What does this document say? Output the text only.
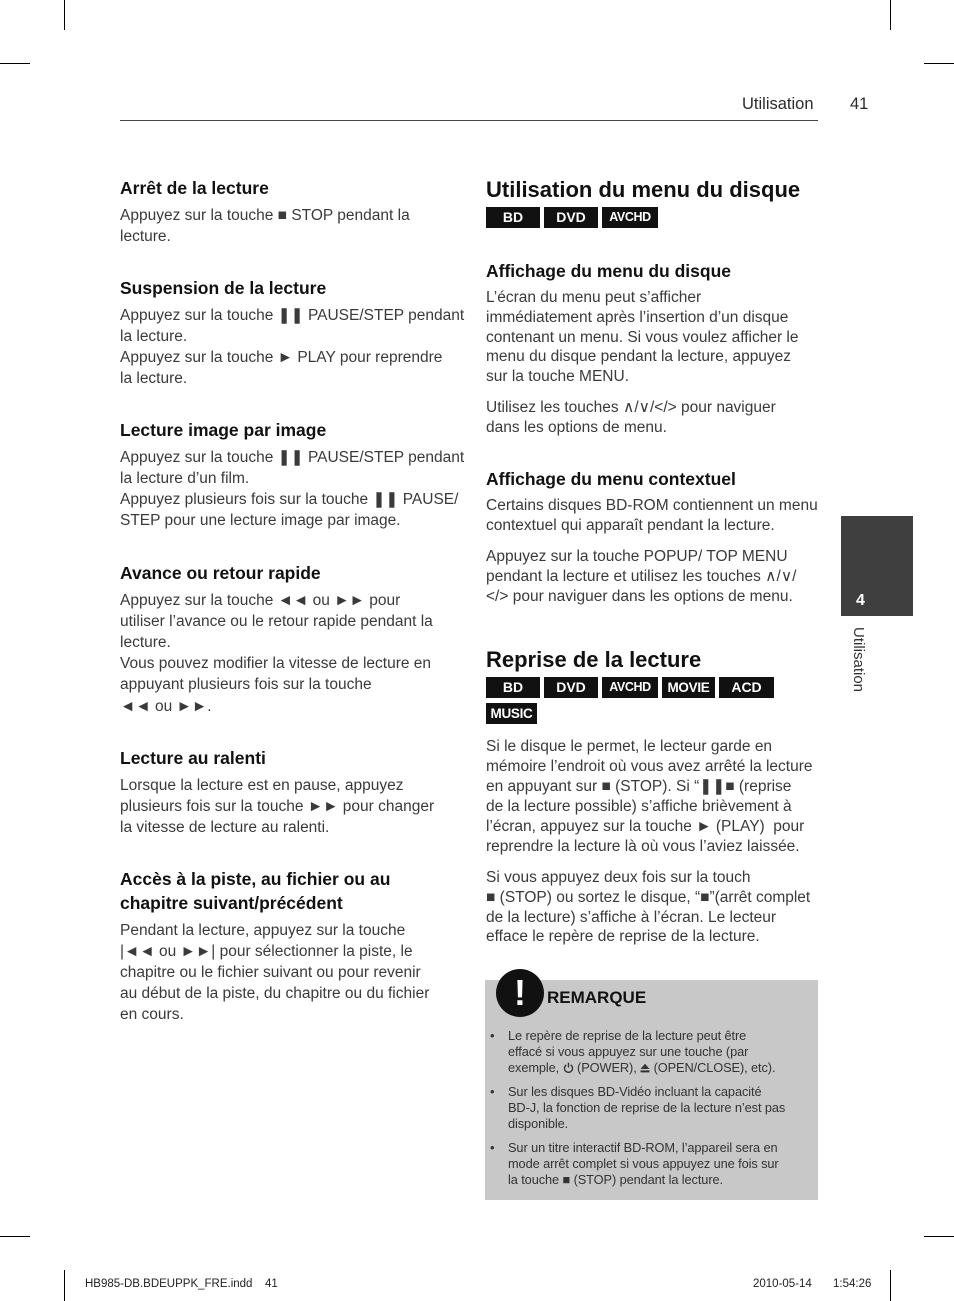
Utilisation 41
Arrêt de la lecture
Appuyez sur la touche ■ STOP pendant la
lecture.
Suspension de la lecture
Appuyez sur la touche ❚❚ PAUSE/STEP pendant
la lecture.
Appuyez sur la touche ► PLAY pour reprendre
la lecture.
Lecture image par image
Appuyez sur la touche ❚❚ PAUSE/STEP pendant
la lecture d’un film.
Appuyez plusieurs fois sur la touche ❚❚ PAUSE/
STEP pour une lecture image par image.
Avance ou retour rapide
Appuyez sur la touche ◄◄ ou ►► pour
utiliser l’avance ou le retour rapide pendant la
lecture.
Vous pouvez modifier la vitesse de lecture en
appuyant plusieurs fois sur la touche
◄◄ ou ►►.
Lecture au ralenti
Lorsque la lecture est en pause, appuyez
plusieurs fois sur la touche ►► pour changer
la vitesse de lecture au ralenti.
Accès à la piste, au fichier ou au
chapitre suivant/précédent
Pendant la lecture, appuyez sur la touche
|◄◄ ou ►►| pour sélectionner la piste, le
chapitre ou le fichier suivant ou pour revenir
au début de la piste, du chapitre ou du fichier
en cours.
Utilisation du menu du disque
BD	DVD	AVCHD
Affichage du menu du disque
L’écran du menu peut s’afficher
immédiatement après l’insertion d’un disque
contenant un menu. Si vous voulez afficher le
menu du disque pendant la lecture, appuyez
sur la touche MENU.
Utilisez les touches ∧/∨/</> pour naviguer
dans les options de menu.
Affichage du menu contextuel
Certains disques BD-ROM contiennent un menu
contextuel qui apparaît pendant la lecture.
Appuyez sur la touche POPUP/ TOP MENU
pendant la lecture et utilisez les touches ∧/∨/
</> pour naviguer dans les options de menu.
Reprise de la lecture
BD	DVD	AVCHD	MOVIE	ACD
MUSIC
Si le disque le permet, le lecteur garde en
mémoire l’endroit où vous avez arrêté la lecture
en appuyant sur ■ (STOP). Si “❚❚■ (reprise
de la lecture possible) s’affiche brièvement à
l’écran, appuyez sur la touche ► (PLAY)  pour
reprendre la lecture là où vous l’aviez laissée.
Si vous appuyez deux fois sur la touch
■ (STOP) ou sortez le disque, “■”(arrêt complet
de la lecture) s’affiche à l’écran. Le lecteur
efface le repère de reprise de la lecture.
!	REMARQUE
• Le repère de reprise de la lecture peut être
effacé si vous appuyez sur une touche (par
exemple,  (POWER),  (OPEN/CLOSE), etc).
• Sur les disques BD-Vidéo incluant la capacité
BD-J, la fonction de reprise de la lecture n’est pas
disponible.
• Sur un titre interactif BD-ROM, l’appareil sera en
mode arrêt complet si vous appuyez une fois sur
la touche ■ (STOP) pendant la lecture.
4
Utilisation
HB985-DB.BDEUPPK_FRE.indd 41	2010-05-14 1:54:26
